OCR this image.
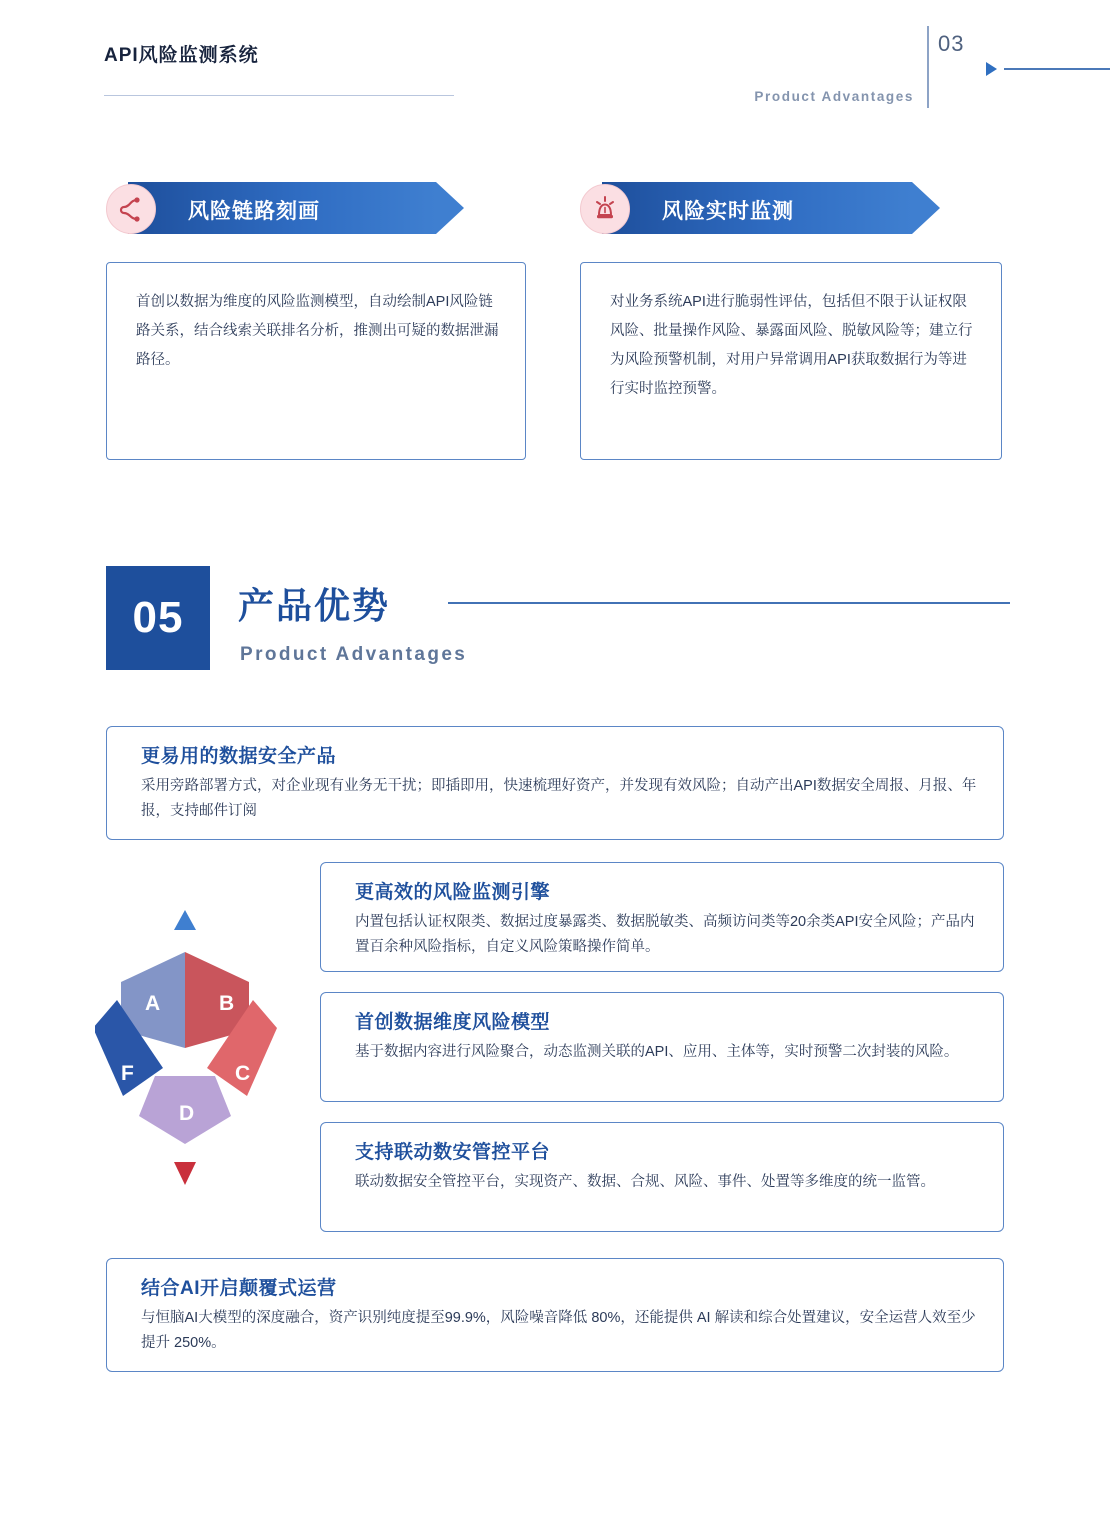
API风险监测系统	03
Product Advantages
风险链路刻画

首创以数据为维度的风险监测模型，自动绘制API风险链路关系，结合线索关联排名分析，推测出可疑的数据泄漏路径。

风险实时监测

对业务系统API进行脆弱性评估，包括但不限于认证权限风险、批量操作风险、暴露面风险、脱敏风险等；建立行为风险预警机制，对用户异常调用API获取数据行为等进行实时监控预警。

05	产品优势
Product Advantages
更易用的数据安全产品

采用旁路部署方式，对企业现有业务无干扰；即插即用，快速梳理好资产，并发现有效风险；自动产出API数据安全周报、月报、年报，支持邮件订阅

更高效的风险监测引擎

内置包括认证权限类、数据过度暴露类、数据脱敏类、高频访问类等20余类API安全风险；产品内置百余种风险指标，自定义风险策略操作简单。

首创数据维度风险模型

基于数据内容进行风险聚合，动态监测关联的API、应用、主体等，实时预警二次封装的风险。

支持联动数安管控平台

联动数据安全管控平台，实现资产、数据、合规、风险、事件、处置等多维度的统一监管。

结合AI开启颠覆式运营

与恒脑AI大模型的深度融合，资产识别纯度提至99.9%，风险噪音降低 80%，还能提供 AI 解读和综合处置建议，安全运营人效至少提升 250%。

A	B
C
D
F
